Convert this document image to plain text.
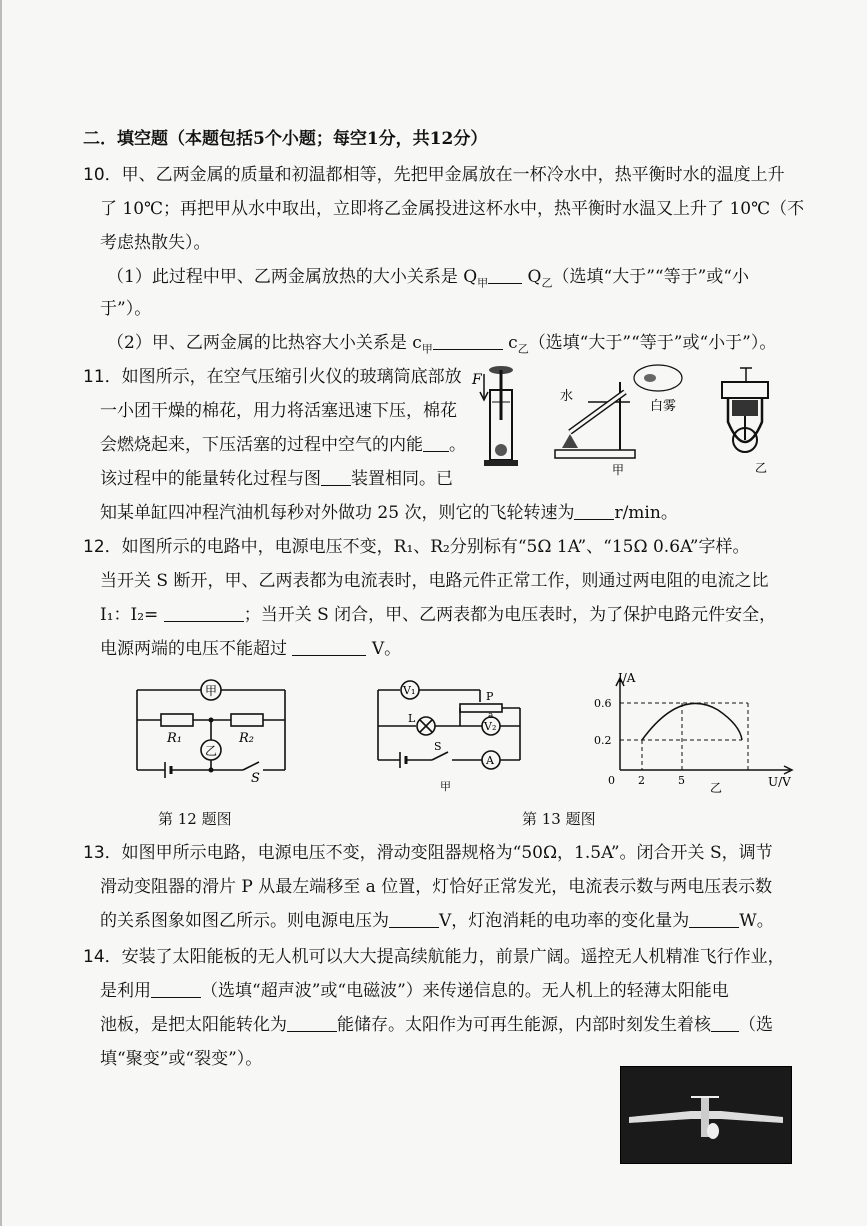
二．填空题（本题包括5个小题；每空1分，共12分）
10．甲、乙两金属的质量和初温都相等，先把甲金属放在一杯冷水中，热平衡时水的温度上升
了 10℃；再把甲从水中取出，立即将乙金属投进这杯水中，热平衡时水温又上升了 10℃（不
考虑热散失）。
（1）此过程中甲、乙两金属放热的大小关系是 $Q_甲$ $Q_乙$（选填“大于”“等于”或“小
于”）。
（2）甲、乙两金属的比热容大小关系是 $c_甲$	$c_乙$（选填“大于”“等于”或“小于”）。
11．如图所示，在空气压缩引火仪的玻璃筒底部放
一小团干燥的棉花，用力将活塞迅速下压，棉花
会燃烧起来，下压活塞的过程中空气的内能 。
该过程中的能量转化过程与图 装置相同。已
知某单缸四冲程汽油机每秒对外做功 25 次，则它的飞轮转速为 r/min。
F
水
白雾
甲	乙
12．如图所示的电路中，电源电压不变，R₁、R₂分别标有“5Ω 1A”、“15Ω 0.6A”字样。
当开关 S 断开，甲、乙两表都为电流表时，电路元件正常工作，则通过两电阻的电流之比
I₁：I₂=	；当开关 S 闭合，甲、乙两表都为电压表时，为了保护电路元件安全，
电源两端的电压不能超过	V。
甲
乙
R₁	R₂
S
V₁
V₂
A
L
S
P
a
甲
I/A
U/V
0.6
0.2
0 2	5
乙
第 12 题图	第 13 题图
13．如图甲所示电路，电源电压不变，滑动变阻器规格为“50Ω，1.5A”。闭合开关 S，调节
滑动变阻器的滑片 P 从最左端移至 a 位置，灯恰好正常发光，电流表示数与两电压表示数
的关系图象如图乙所示。则电源电压为	V，灯泡消耗的电功率的变化量为	W。
14．安装了太阳能板的无人机可以大大提高续航能力，前景广阔。遥控无人机精准飞行作业，
是利用	（选填“超声波”或“电磁波”）来传递信息的。无人机上的轻薄太阳能电
池板，是把太阳能转化为	能储存。太阳作为可再生能源，内部时刻发生着核 （选
填“聚变”或“裂变”）。
